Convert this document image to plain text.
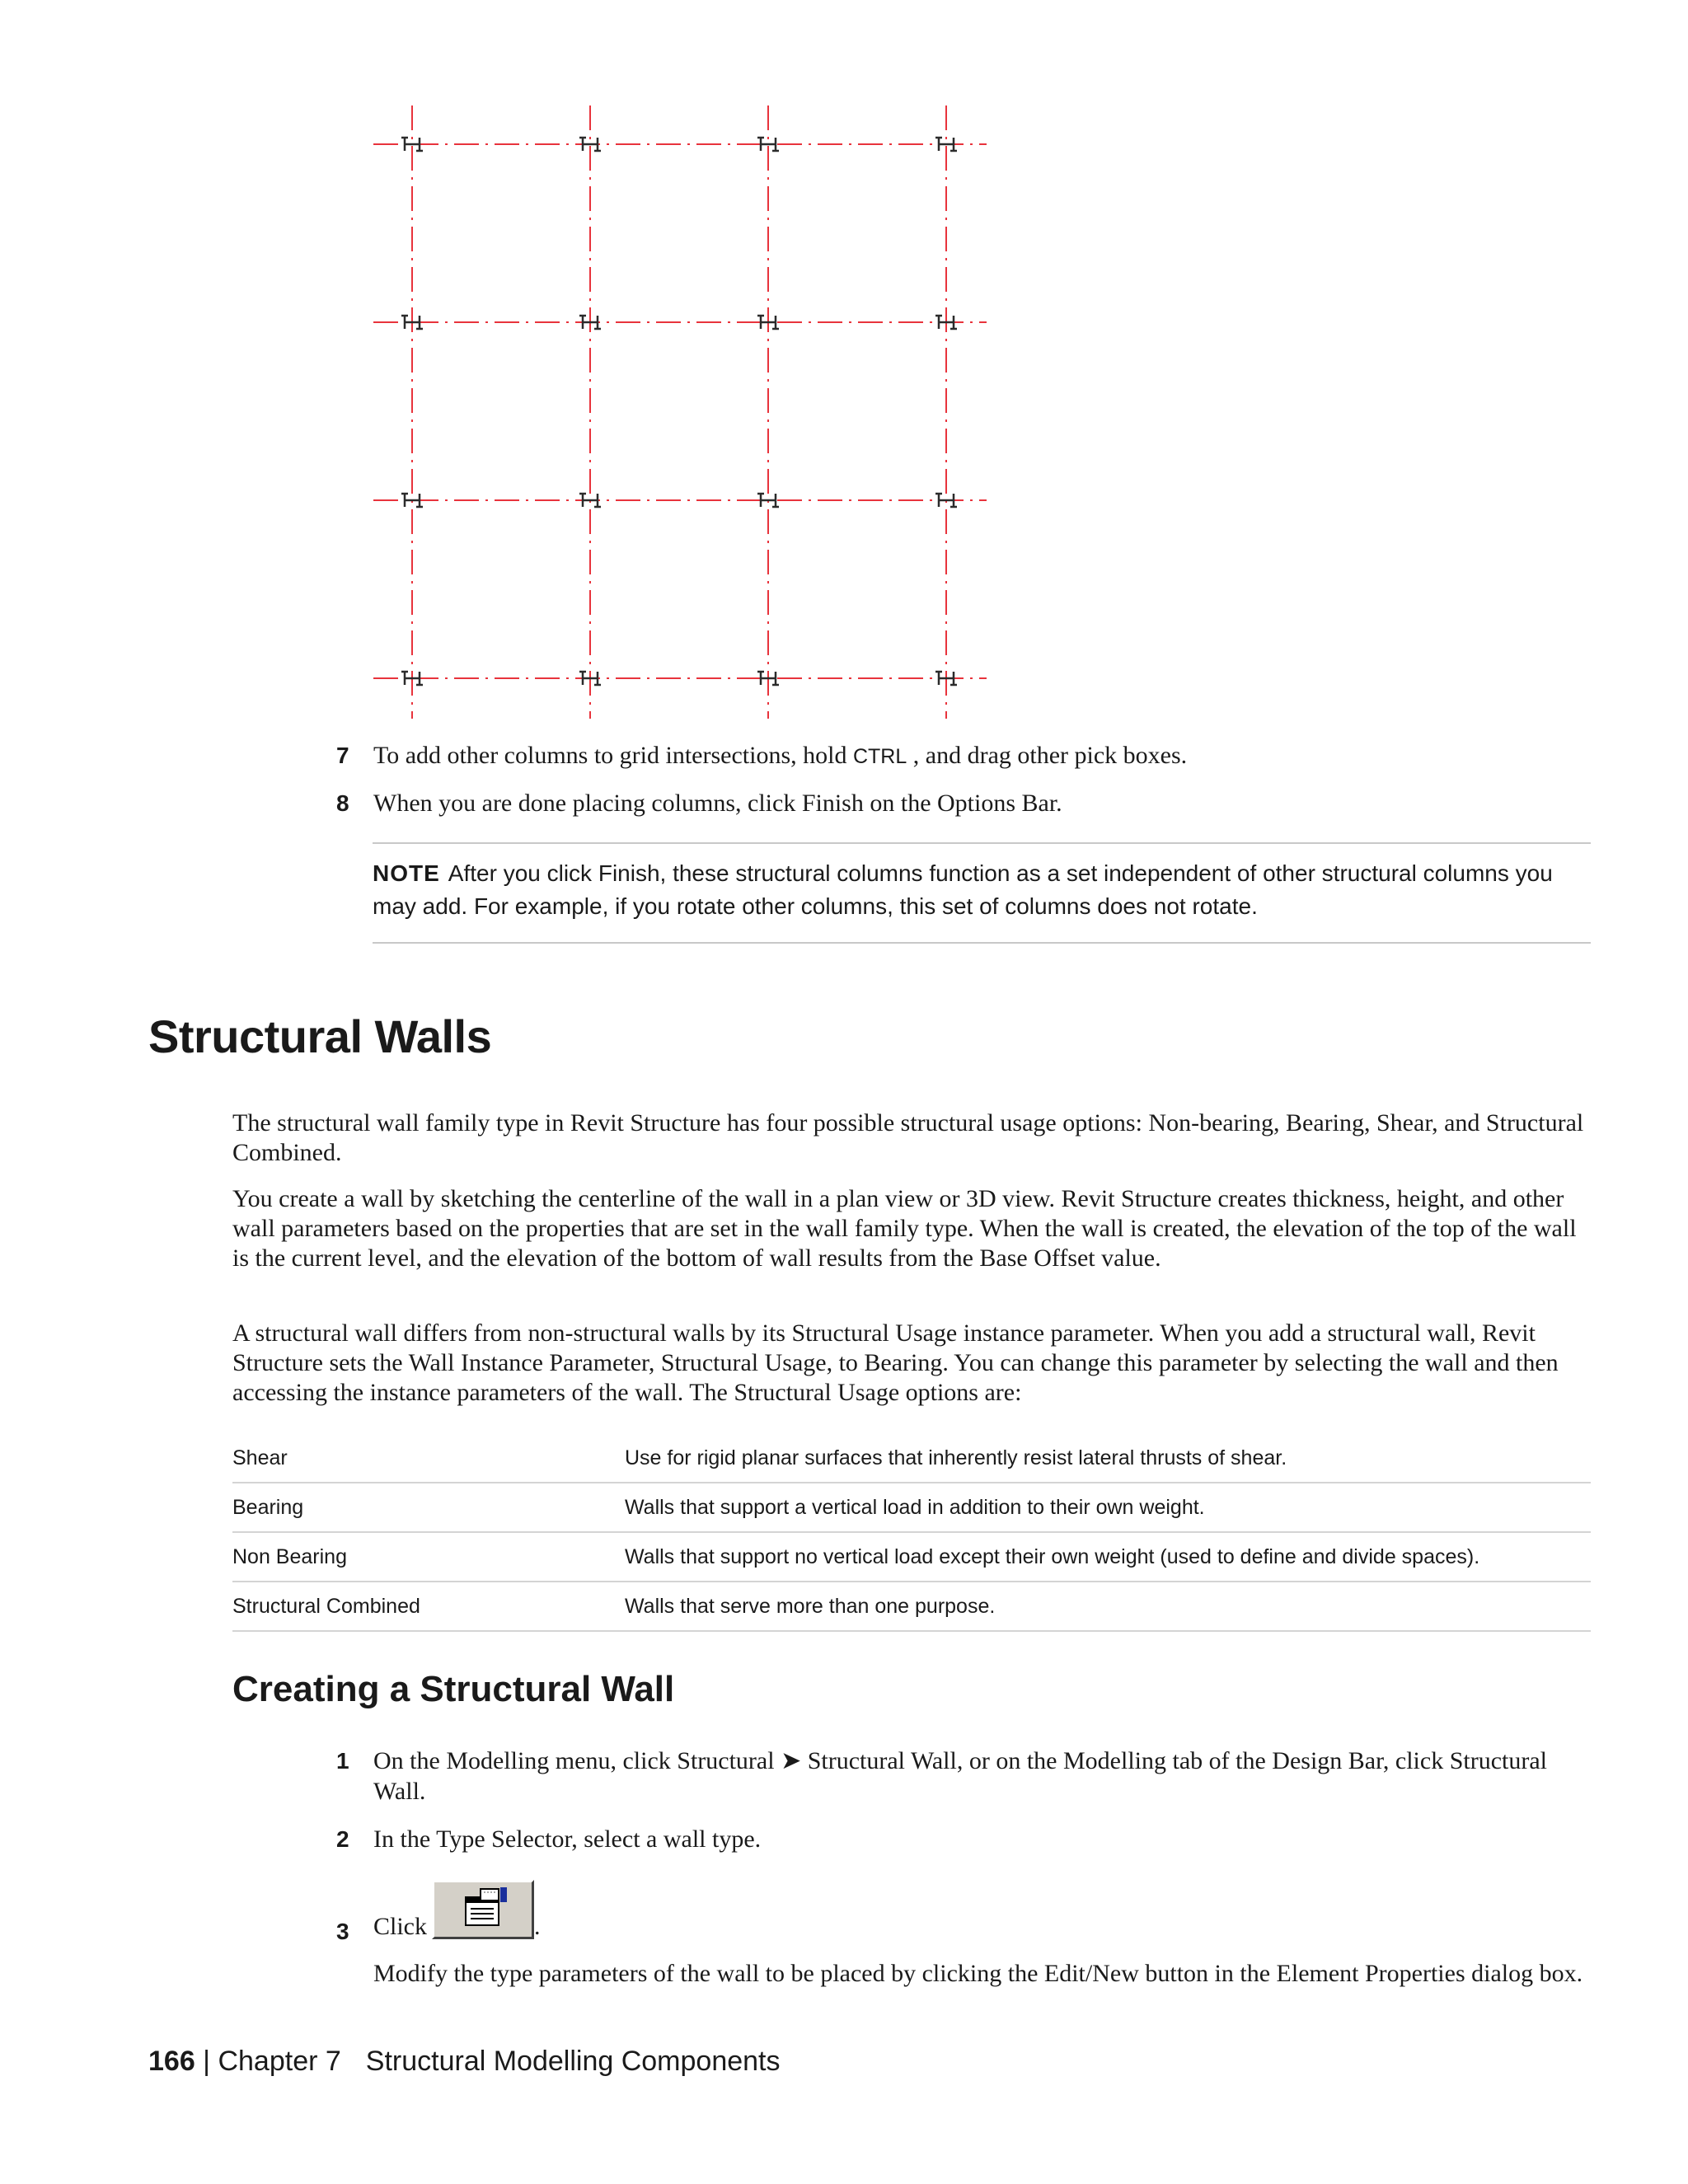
7 To add other columns to grid intersections, hold CTRL , and drag other pick boxes.
8 When you are done placing columns, click Finish on the Options Bar.
NOTE After you click Finish, these structural columns function as a set independent of other structural columns you may add. For example, if you rotate other columns, this set of columns does not rotate.
Structural Walls

The structural wall family type in Revit Structure has four possible structural usage options: Non-bearing, Bearing, Shear, and Structural Combined.

You create a wall by sketching the centerline of the wall in a plan view or 3D view. Revit Structure creates thickness, height, and other wall parameters based on the properties that are set in the wall family type. When the wall is created, the elevation of the top of the wall is the current level, and the elevation of the bottom of wall results from the Base Offset value.

A structural wall differs from non-structural walls by its Structural Usage instance parameter. When you add a structural wall, Revit Structure sets the Wall Instance Parameter, Structural Usage, to Bearing. You can change this parameter by selecting the wall and then accessing the instance parameters of the wall. The Structural Usage options are:

Shear	Use for rigid planar surfaces that inherently resist lateral thrusts of shear.
Bearing	Walls that support a vertical load in addition to their own weight.
Non Bearing	Walls that support no vertical load except their own weight (used to define and divide spaces).
Structural Combined	Walls that serve more than one purpose.
Creating a Structural Wall
1 On the Modelling menu, click Structural ➤ Structural Wall, or on the Modelling tab of the Design Bar, click Structural Wall.
2 In the Type Selector, select a wall type.
3 Click	.

Modify the type parameters of the wall to be placed by clicking the Edit/New button in the Element Properties dialog box.

166 | Chapter 7 Structural Modelling Components
